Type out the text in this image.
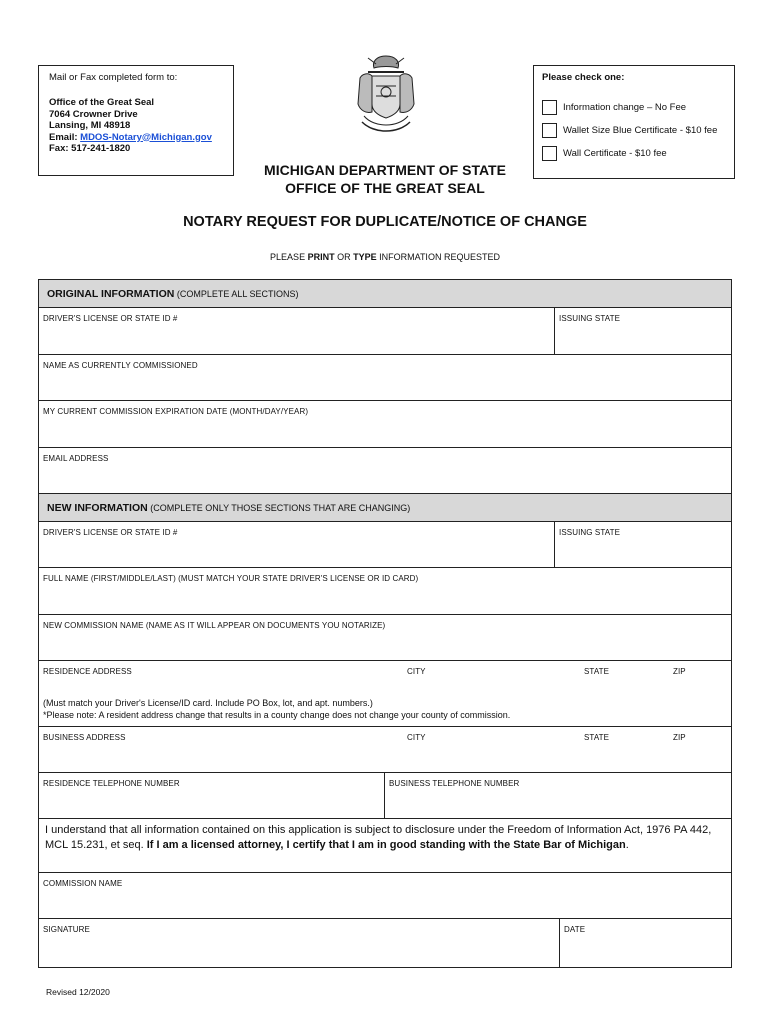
Mail or Fax completed form to:
Office of the Great Seal
7064 Crowner Drive
Lansing, MI 48918
Email: MDOS-Notary@Michigan.gov
Fax: 517-241-1820
Please check one:
Information change – No Fee
Wallet Size Blue Certificate - $10 fee
Wall Certificate - $10 fee
MICHIGAN DEPARTMENT OF STATE
OFFICE OF THE GREAT SEAL
NOTARY REQUEST FOR DUPLICATE/NOTICE OF CHANGE
PLEASE PRINT OR TYPE INFORMATION REQUESTED
ORIGINAL INFORMATION (COMPLETE ALL SECTIONS)
DRIVER'S LICENSE OR STATE ID #	ISSUING STATE
NAME AS CURRENTLY COMMISSIONED
MY CURRENT COMMISSION EXPIRATION DATE (MONTH/DAY/YEAR)
EMAIL ADDRESS
NEW INFORMATION (COMPLETE ONLY THOSE SECTIONS THAT ARE CHANGING)
DRIVER'S LICENSE OR STATE ID #	ISSUING STATE
FULL NAME (FIRST/MIDDLE/LAST) (MUST MATCH YOUR STATE DRIVER'S LICENSE OR ID CARD)
NEW COMMISSION NAME (NAME AS IT WILL APPEAR ON DOCUMENTS YOU NOTARIZE)
RESIDENCE ADDRESS	CITY	STATE	ZIP
(Must match your Driver's License/ID card. Include PO Box, lot, and apt. numbers.)
*Please note: A resident address change that results in a county change does not change your county of commission.
BUSINESS ADDRESS	CITY	STATE	ZIP
RESIDENCE TELEPHONE NUMBER	BUSINESS TELEPHONE NUMBER
I understand that all information contained on this application is subject to disclosure under the Freedom of Information Act, 1976 PA 442, MCL 15.231, et seq. If I am a licensed attorney, I certify that I am in good standing with the State Bar of Michigan.
COMMISSION NAME
SIGNATURE	DATE
Revised 12/2020
